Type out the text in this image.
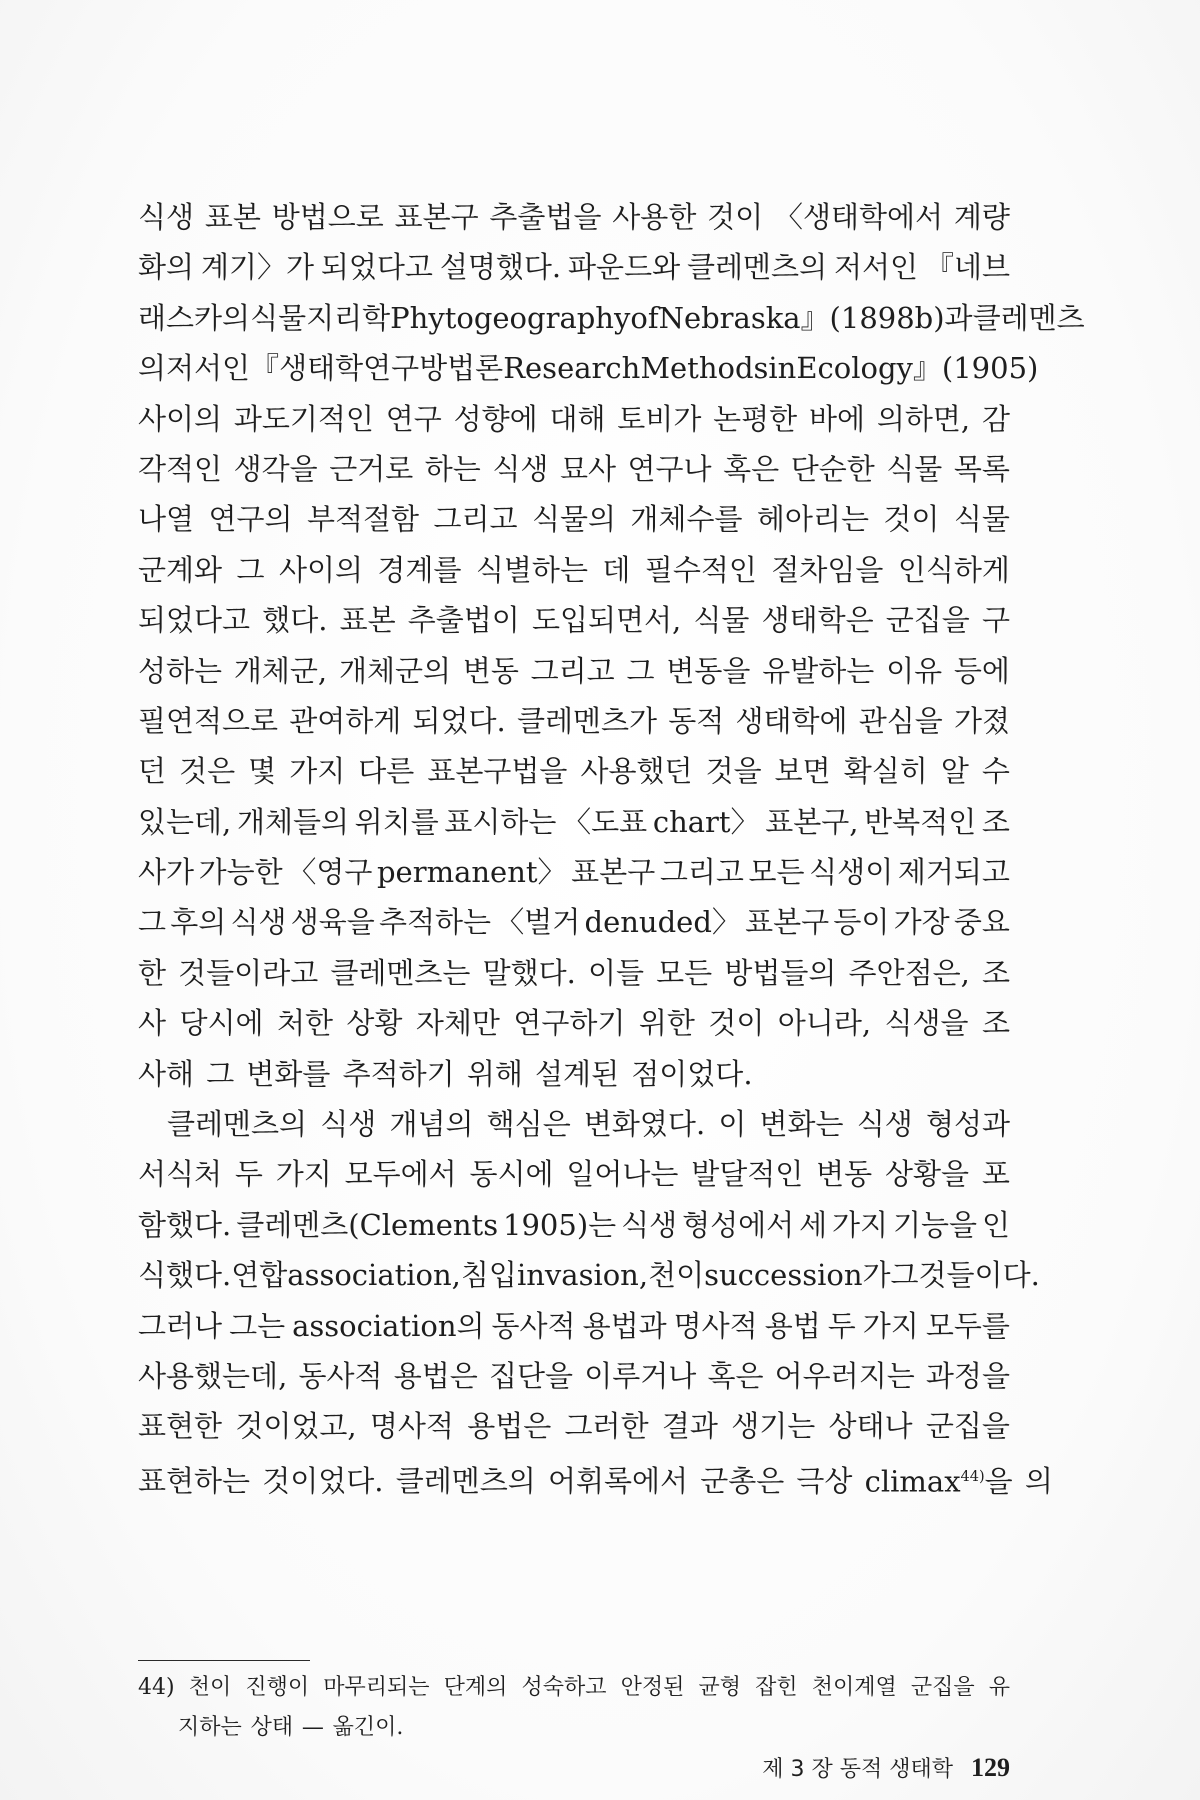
식생 표본 방법으로 표본구 추출법을 사용한 것이 〈생태학에서 계량
화의 계기〉가 되었다고 설명했다. 파운드와 클레멘츠의 저서인 『네브
래스카의 식물 지리학 Phytogeography of Nebraska』(1898b)과 클레멘츠
의 저서인 『생태학 연구 방법론 Research Methods in Ecology』(1905)
사이의 과도기적인 연구 성향에 대해 토비가 논평한 바에 의하면, 감
각적인 생각을 근거로 하는 식생 묘사 연구나 혹은 단순한 식물 목록
나열 연구의 부적절함 그리고 식물의 개체수를 헤아리는 것이 식물
군계와 그 사이의 경계를 식별하는 데 필수적인 절차임을 인식하게
되었다고 했다. 표본 추출법이 도입되면서, 식물 생태학은 군집을 구
성하는 개체군, 개체군의 변동 그리고 그 변동을 유발하는 이유 등에
필연적으로 관여하게 되었다. 클레멘츠가 동적 생태학에 관심을 가졌
던 것은 몇 가지 다른 표본구법을 사용했던 것을 보면 확실히 알 수
있는데, 개체들의 위치를 표시하는 〈도표 chart〉 표본구, 반복적인 조
사가 가능한 〈영구 permanent〉 표본구 그리고 모든 식생이 제거되고
그 후의 식생 생육을 추적하는 〈벌거 denuded〉 표본구 등이 가장 중요
한 것들이라고 클레멘츠는 말했다. 이들 모든 방법들의 주안점은, 조
사 당시에 처한 상황 자체만 연구하기 위한 것이 아니라, 식생을 조
사해 그 변화를 추적하기 위해 설계된 점이었다.
클레멘츠의 식생 개념의 핵심은 변화였다. 이 변화는 식생 형성과
서식처 두 가지 모두에서 동시에 일어나는 발달적인 변동 상황을 포
함했다. 클레멘츠(Clements 1905)는 식생 형성에서 세 가지 기능을 인
식했다. 연합 association, 침입 invasion, 천이 succession가 그것들이다.
그러나 그는 association의 동사적 용법과 명사적 용법 두 가지 모두를
사용했는데, 동사적 용법은 집단을 이루거나 혹은 어우러지는 과정을
표현한 것이었고, 명사적 용법은 그러한 결과 생기는 상태나 군집을
표현하는 것이었다. 클레멘츠의 어휘록에서 군총은 극상 climax$^{44)}$을 의
44) 천이 진행이 마무리되는 단계의 성숙하고 안정된 균형 잡힌 천이계열 군집을 유
지하는 상태 — 옮긴이.
제 3 장 동적 생태학 129
